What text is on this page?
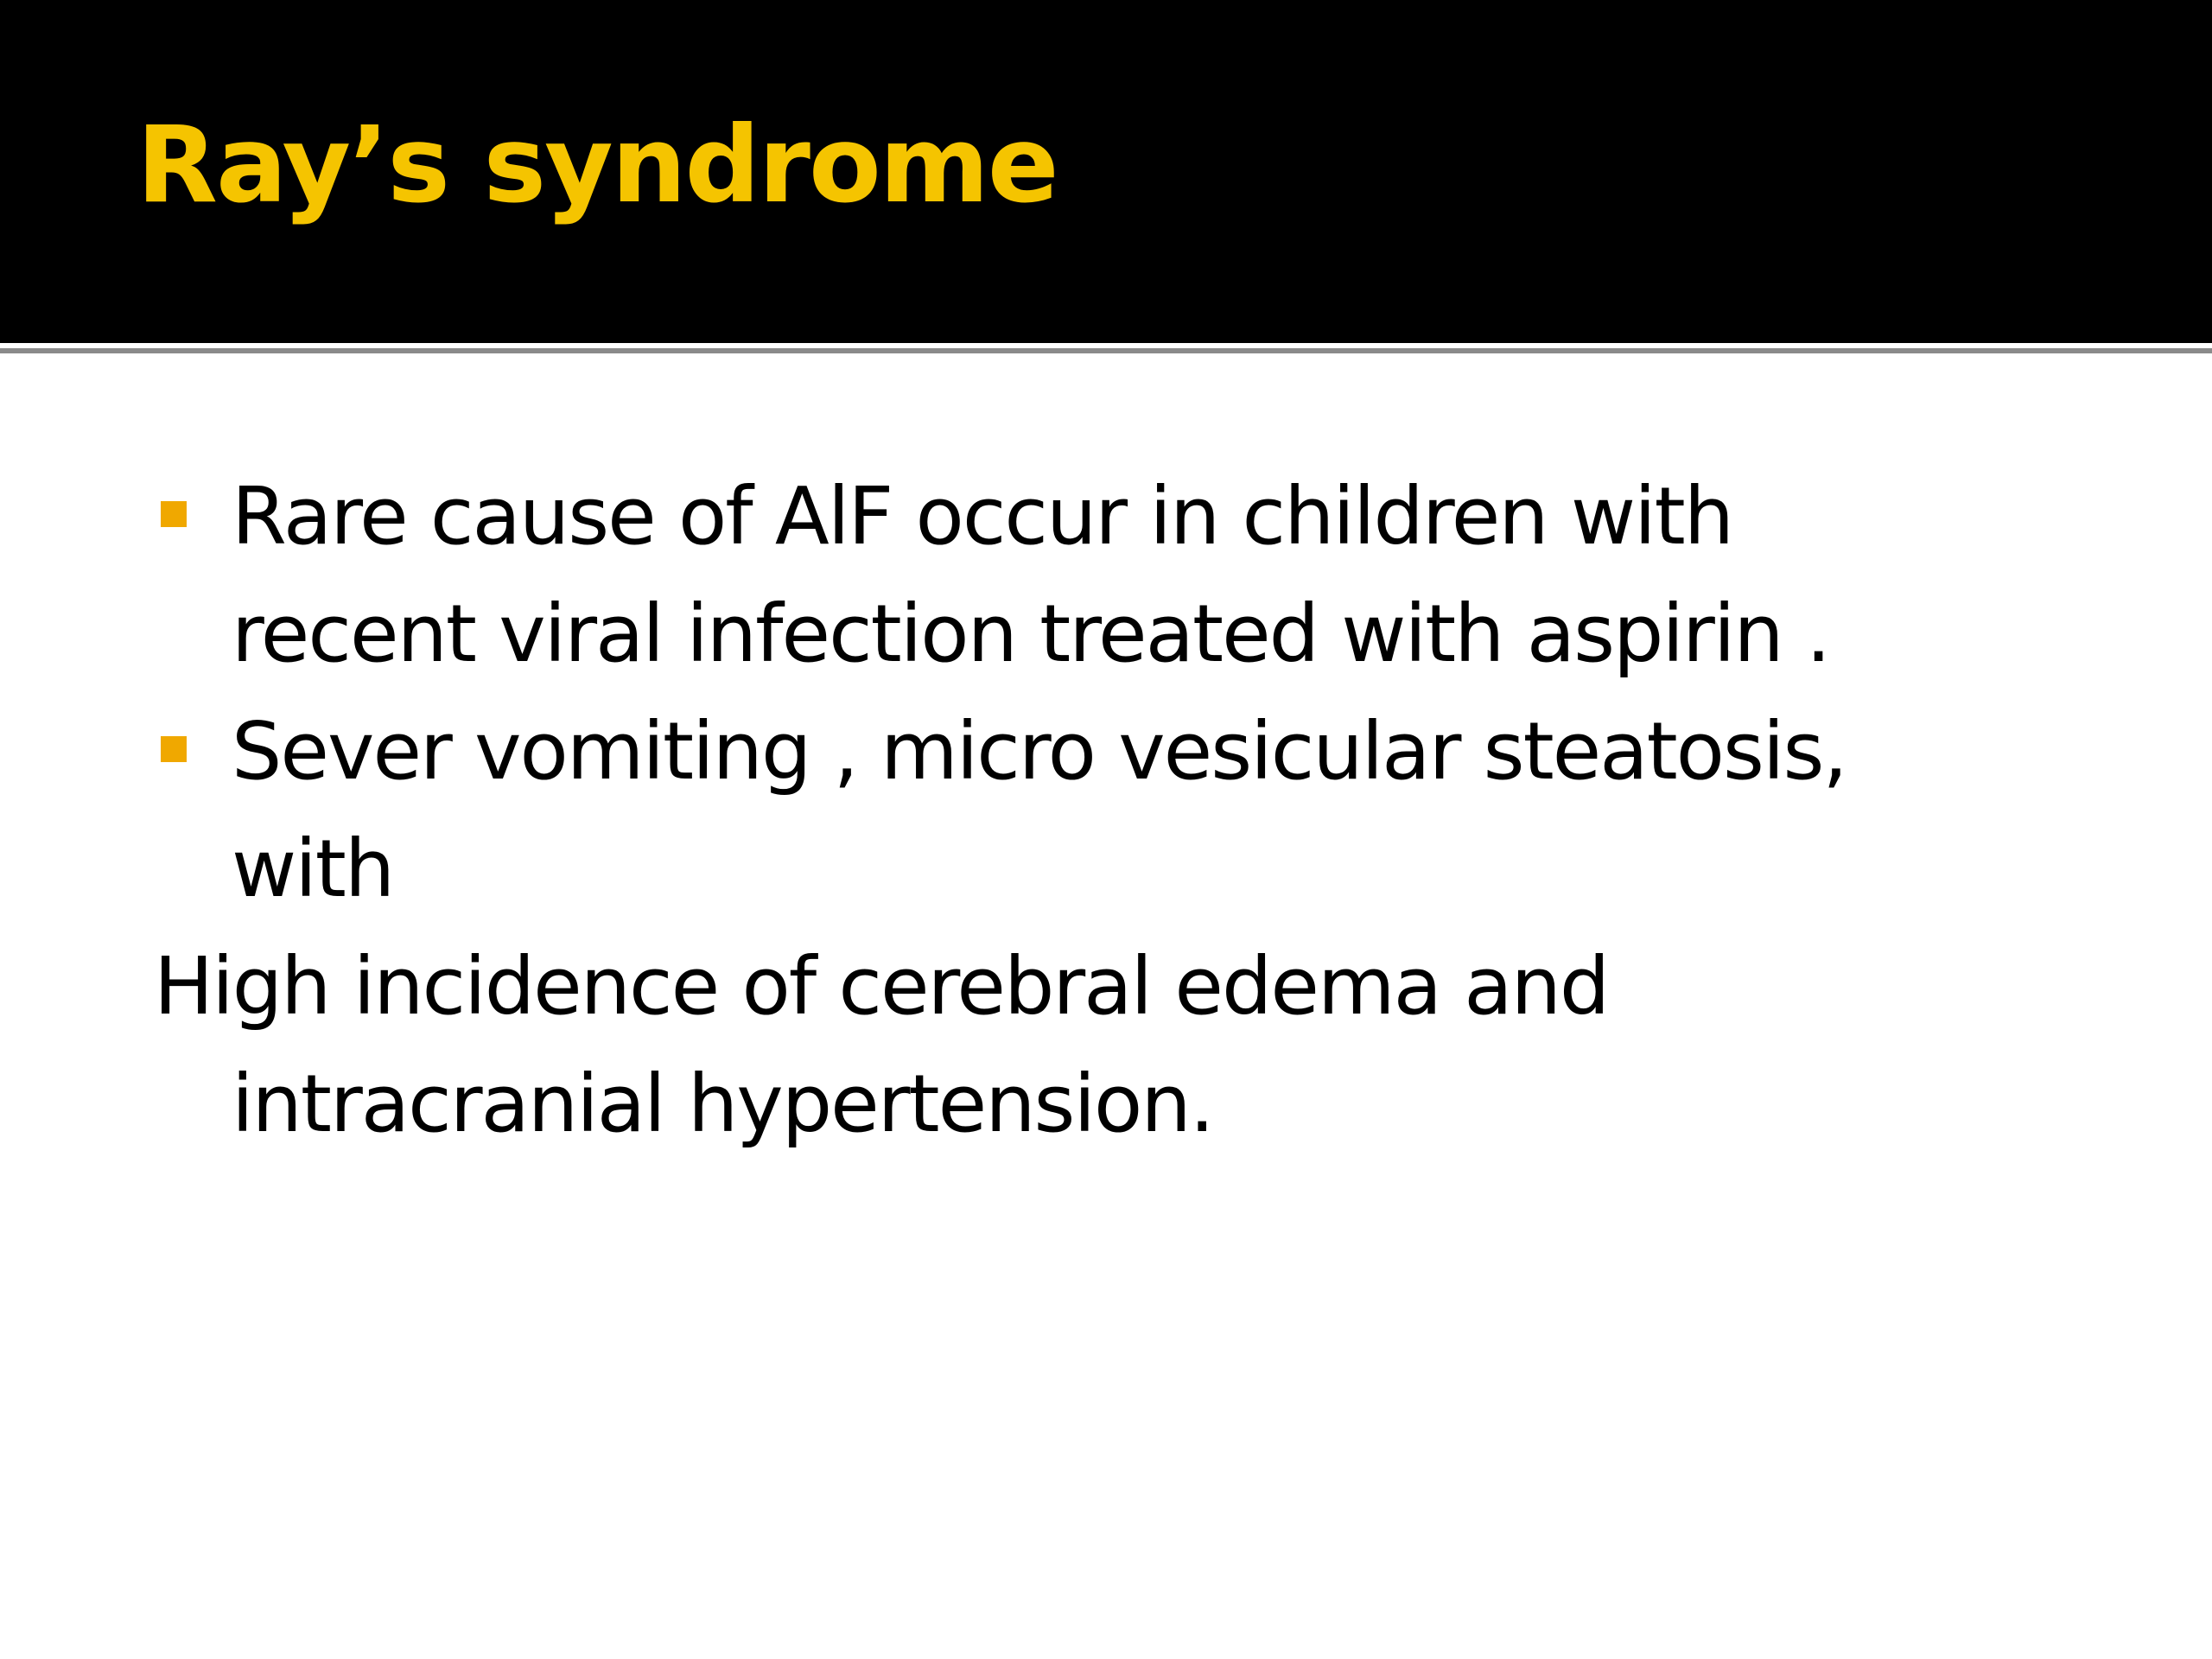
Ray’s syndrome
Rare cause of AlF occur in children with
recent viral infection treated with aspirin .
Sever vomiting , micro vesicular steatosis,
with
High incidence of cerebral edema and
intracranial hypertension.
